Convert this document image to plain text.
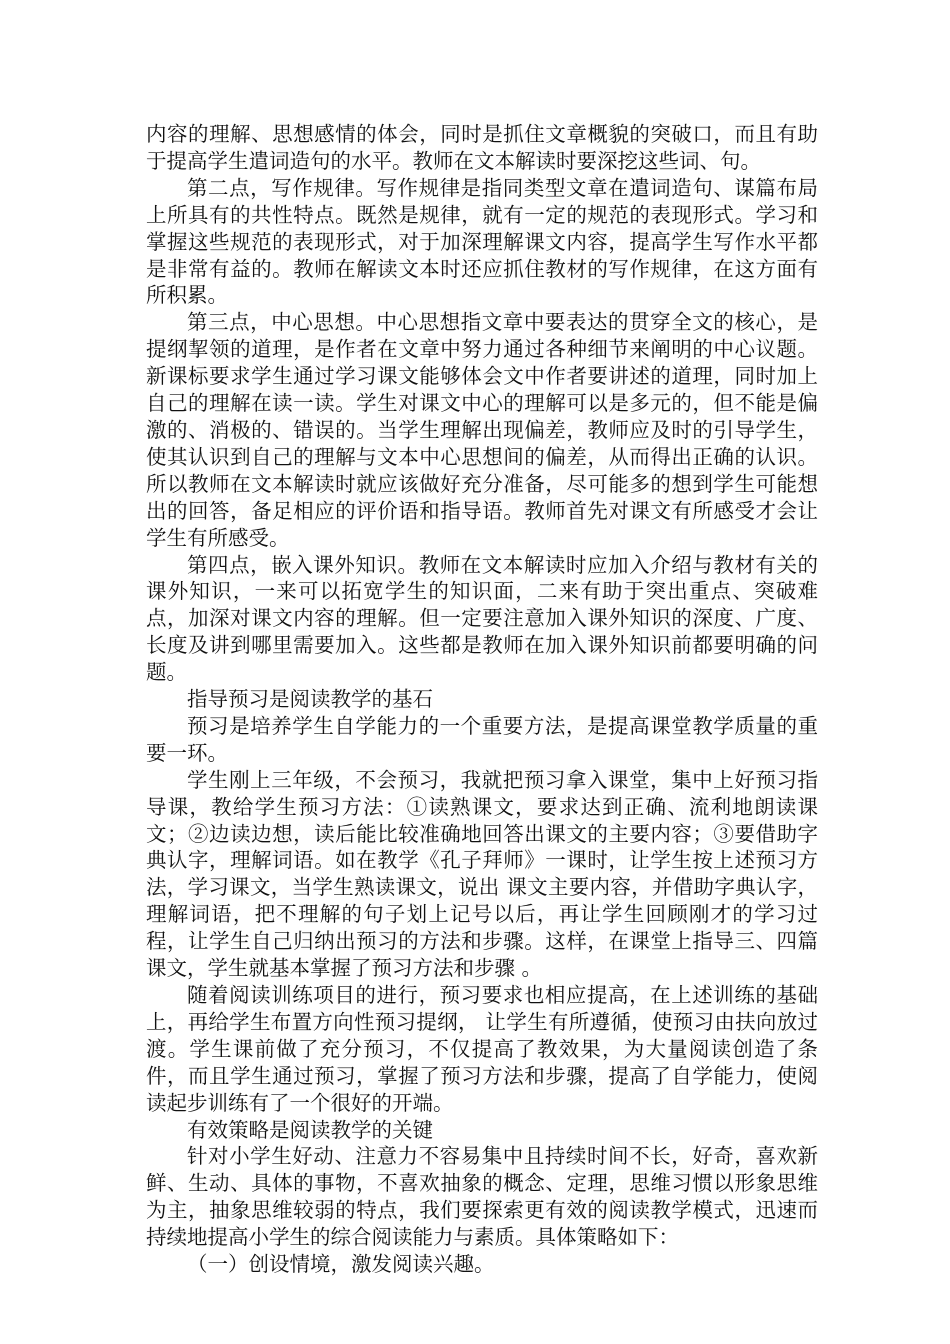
内容的理解、思想感情的体会，同时是抓住文章概貌的突破口，而且有助于提高学生遣词造句的水平。教师在文本解读时要深挖这些词、句。

第二点，写作规律。写作规律是指同类型文章在遣词造句、谋篇布局上所具有的共性特点。既然是规律，就有一定的规范的表现形式。学习和掌握这些规范的表现形式，对于加深理解课文内容，提高学生写作水平都是非常有益的。教师在解读文本时还应抓住教材的写作规律，在这方面有所积累。

第三点，中心思想。中心思想指文章中要表达的贯穿全文的核心，是提纲挈领的道理，是作者在文章中努力通过各种细节来阐明的中心议题。新课标要求学生通过学习课文能够体会文中作者要讲述的道理，同时加上自己的理解在读一读。学生对课文中心的理解可以是多元的，但不能是偏激的、消极的、错误的。当学生理解出现偏差，教师应及时的引导学生，使其认识到自己的理解与文本中心思想间的偏差，从而得出正确的认识。所以教师在文本解读时就应该做好充分准备，尽可能多的想到学生可能想出的回答，备足相应的评价语和指导语。教师首先对课文有所感受才会让学生有所感受。

第四点，嵌入课外知识。教师在文本解读时应加入介绍与教材有关的课外知识，一来可以拓宽学生的知识面，二来有助于突出重点、突破难点，加深对课文内容的理解。但一定要注意加入课外知识的深度、广度、长度及讲到哪里需要加入。这些都是教师在加入课外知识前都要明确的问题。

指导预习是阅读教学的基石

预习是培养学生自学能力的一个重要方法，是提高课堂教学质量的重要一环。

学生刚上三年级，不会预习，我就把预习拿入课堂，集中上好预习指导课，教给学生预习方法：①读熟课文，要求达到正确、流利地朗读课文；②边读边想，读后能比较准确地回答出课文的主要内容；③要借助字典认字，理解词语。如在教学《孔子拜师》一课时，让学生按上述预习方法，学习课文，当学生熟读课文，说出 课文主要内容，并借助字典认字，理解词语，把不理解的句子划上记号以后，再让学生回顾刚才的学习过程，让学生自己归纳出预习的方法和步骤。这样，在课堂上指导三、四篇课文，学生就基本掌握了预习方法和步骤 。

随着阅读训练项目的进行，预习要求也相应提高，在上述训练的基础上，再给学生布置方向性预习提纲， 让学生有所遵循，使预习由扶向放过渡。学生课前做了充分预习，不仅提高了教效果，为大量阅读创造了条件，而且学生通过预习，掌握了预习方法和步骤，提高了自学能力，使阅读起步训练有了一个很好的开端。

有效策略是阅读教学的关键

针对小学生好动、注意力不容易集中且持续时间不长，好奇，喜欢新鲜、生动、具体的事物，不喜欢抽象的概念、定理，思维习惯以形象思维为主，抽象思维较弱的特点，我们要探索更有效的阅读教学模式，迅速而持续地提高小学生的综合阅读能力与素质。具体策略如下：

（一）创设情境，激发阅读兴趣。
